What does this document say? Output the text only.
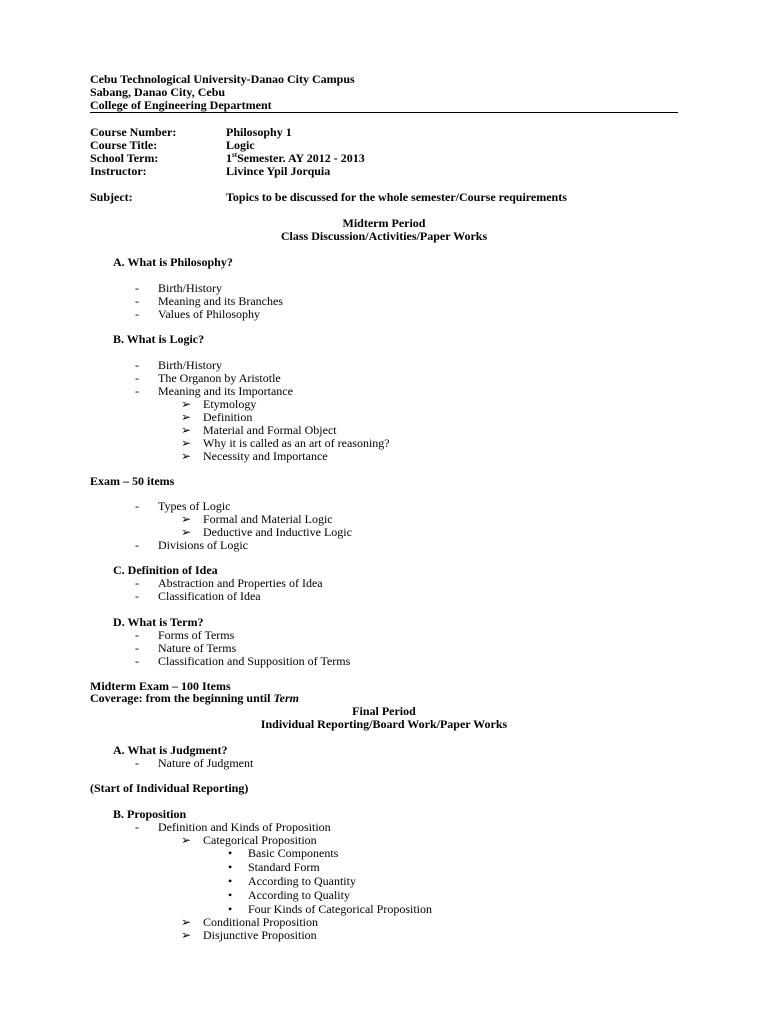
Cebu Technological University-Danao City Campus
Sabang, Danao City, Cebu
College of Engineering Department
Course Number:	Philosophy 1
Course Title:	Logic
School Term:	1stSemester. AY 2012 - 2013
Instructor:	Livince Ypil Jorquia
Subject:	Topics to be discussed for the whole semester/Course requirements
Midterm Period
Class Discussion/Activities/Paper Works
A. What is Philosophy?
- Birth/History
- Meaning and its Branches
- Values of Philosophy
B. What is Logic?
- Birth/History
- The Organon by Aristotle
- Meaning and its Importance
➢ Etymology
➢ Definition
➢ Material and Formal Object
➢ Why it is called as an art of reasoning?
➢ Necessity and Importance
Exam – 50 items
- Types of Logic
➢ Formal and Material Logic
➢ Deductive and Inductive Logic
- Divisions of Logic
C. Definition of Idea
- Abstraction and Properties of Idea
- Classification of Idea
D. What is Term?
- Forms of Terms
- Nature of Terms
- Classification and Supposition of Terms
Midterm Exam – 100 Items
Coverage: from the beginning until Term
Final Period
Individual Reporting/Board Work/Paper Works
A. What is Judgment?
- Nature of Judgment
(Start of Individual Reporting)
B. Proposition
- Definition and Kinds of Proposition
➢ Categorical Proposition
• Basic Components
• Standard Form
• According to Quantity
• According to Quality
• Four Kinds of Categorical Proposition
➢ Conditional Proposition
➢ Disjunctive Proposition
